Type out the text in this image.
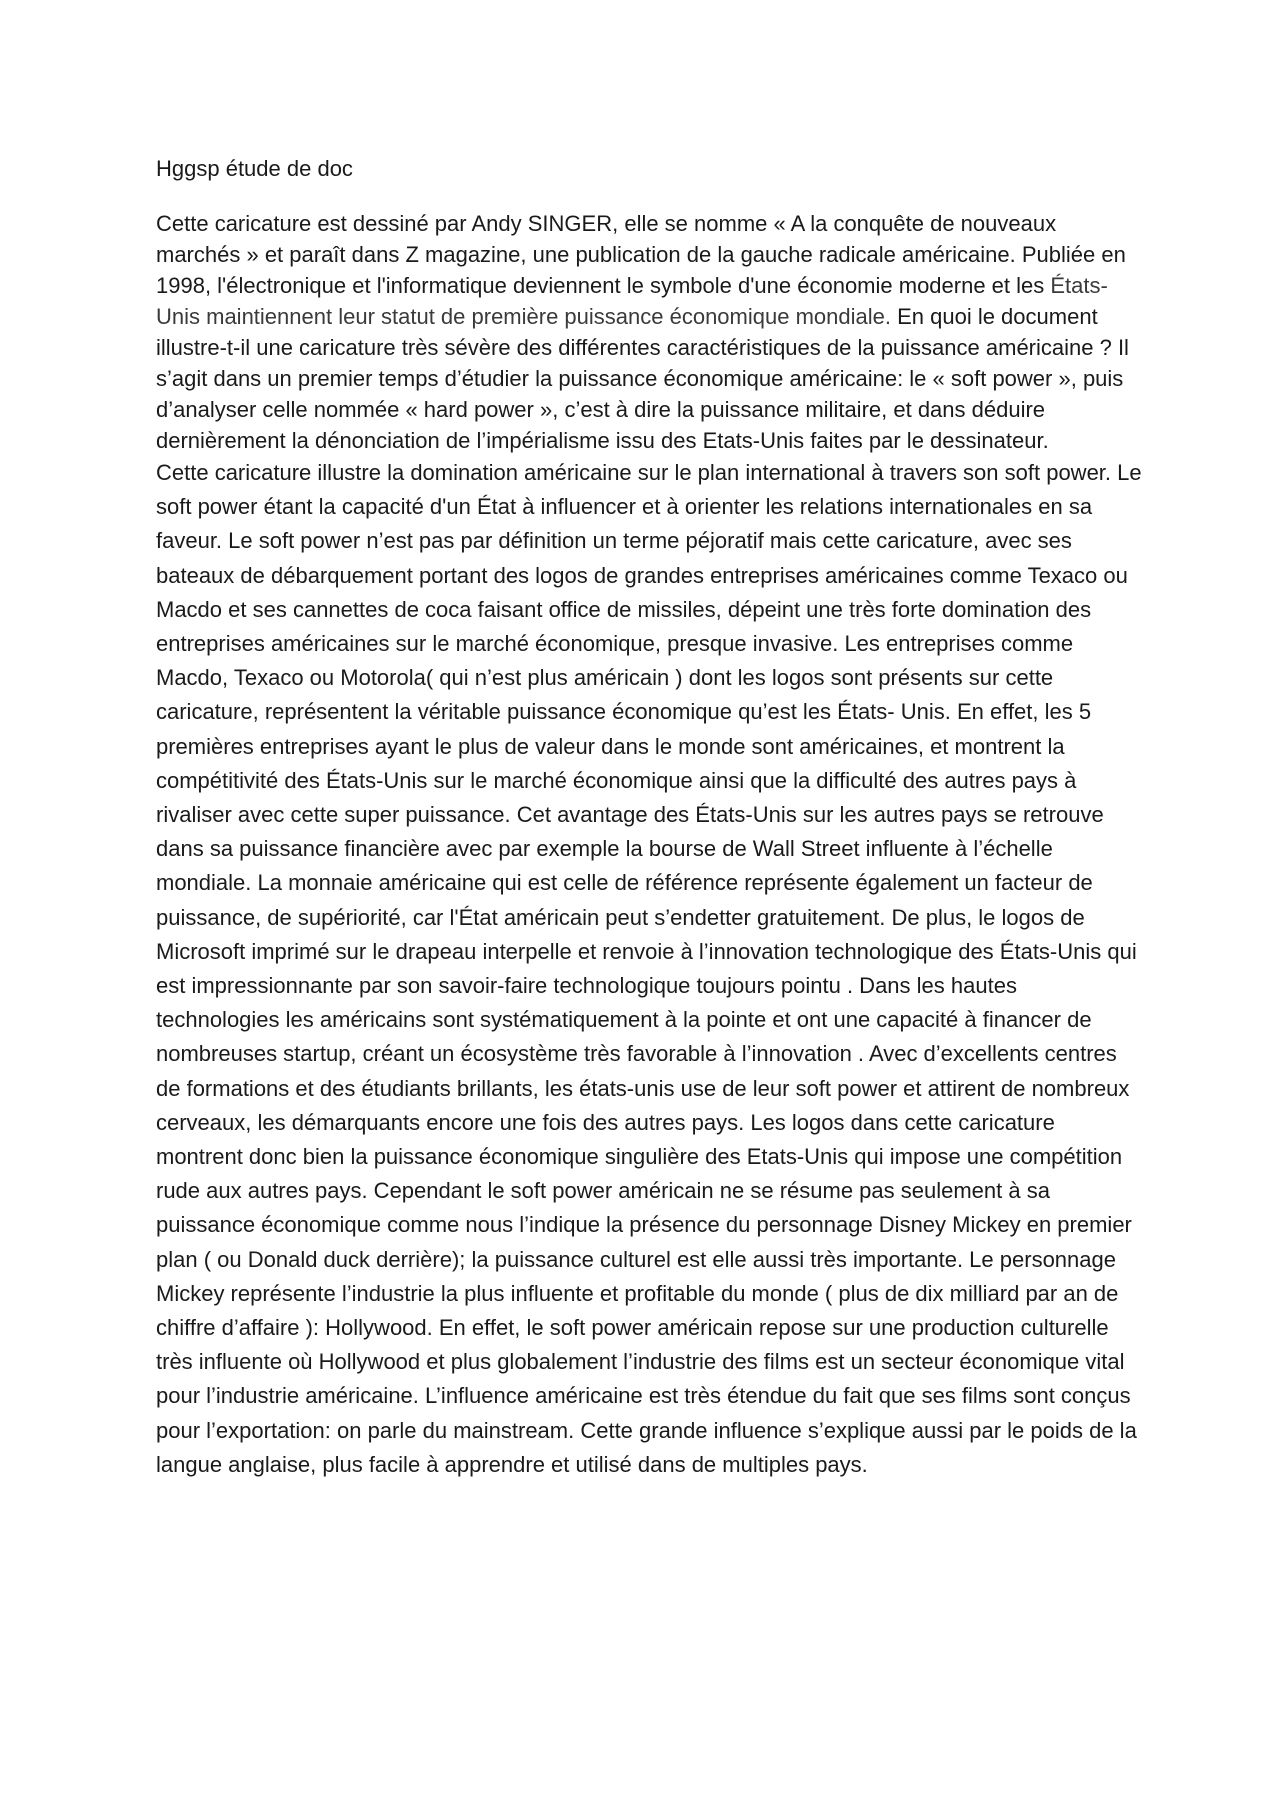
Hggsp étude de doc

Cette caricature est dessiné par Andy SINGER, elle se nomme « A la conquête de nouveaux marchés » et paraît dans Z magazine, une publication de la gauche radicale américaine. Publiée en 1998, l'électronique et l'informatique deviennent le symbole d'une économie moderne et les États-Unis maintiennent leur statut de première puissance économique mondiale. En quoi le document illustre-t-il une caricature très sévère des différentes caractéristiques de la puissance américaine ? Il s’agit dans un premier temps d’étudier la puissance économique américaine: le « soft power », puis d’analyser celle nommée « hard power », c’est à dire la puissance militaire, et dans déduire dernièrement la dénonciation de l’impérialisme issu des Etats-Unis faites par le dessinateur.

Cette caricature illustre la domination américaine sur le plan international à travers son soft power. Le soft power étant la capacité d'un État à influencer et à orienter les relations internationales en sa faveur. Le soft power n’est pas par définition un terme péjoratif mais cette caricature, avec ses bateaux de débarquement portant des logos de grandes entreprises américaines comme Texaco ou Macdo et ses cannettes de coca faisant office de missiles, dépeint une très forte domination des entreprises américaines sur le marché économique, presque invasive. Les entreprises comme Macdo, Texaco ou Motorola( qui n’est plus américain ) dont les logos sont présents sur cette caricature, représentent la véritable puissance économique qu’est les États- Unis. En effet, les 5 premières entreprises ayant le plus de valeur dans le monde sont américaines, et montrent la compétitivité des États-Unis sur le marché économique ainsi que la difficulté des autres pays à rivaliser avec cette super puissance. Cet avantage des États-Unis sur les autres pays se retrouve dans sa puissance financière avec par exemple la bourse de Wall Street influente à l’échelle mondiale. La monnaie américaine qui est celle de référence représente également un facteur de puissance, de supériorité, car l'État américain peut s’endetter gratuitement. De plus, le logos de Microsoft imprimé sur le drapeau interpelle et renvoie à l’innovation technologique des États-Unis qui est impressionnante par son savoir-faire technologique toujours pointu . Dans les hautes technologies les américains sont systématiquement à la pointe et ont une capacité à financer de nombreuses startup, créant un écosystème très favorable à l’innovation . Avec d’excellents centres de formations et des étudiants brillants, les états-unis use de leur soft power et attirent de nombreux cerveaux, les démarquants encore une fois des autres pays. Les logos dans cette caricature montrent donc bien la puissance économique singulière des Etats-Unis qui impose une compétition rude aux autres pays. Cependant le soft power américain ne se résume pas seulement à sa puissance économique comme nous l’indique la présence du personnage Disney Mickey en premier plan ( ou Donald duck derrière); la puissance culturel est elle aussi très importante. Le personnage Mickey représente l’industrie la plus influente et profitable du monde ( plus de dix milliard par an de chiffre d’affaire ): Hollywood. En effet, le soft power américain repose sur une production culturelle très influente où Hollywood et plus globalement l’industrie des films est un secteur économique vital pour l’industrie américaine. L’influence américaine est très étendue du fait que ses films sont conçus pour l’exportation: on parle du mainstream. Cette grande influence s’explique aussi par le poids de la langue anglaise, plus facile à apprendre et utilisé dans de multiples pays.
